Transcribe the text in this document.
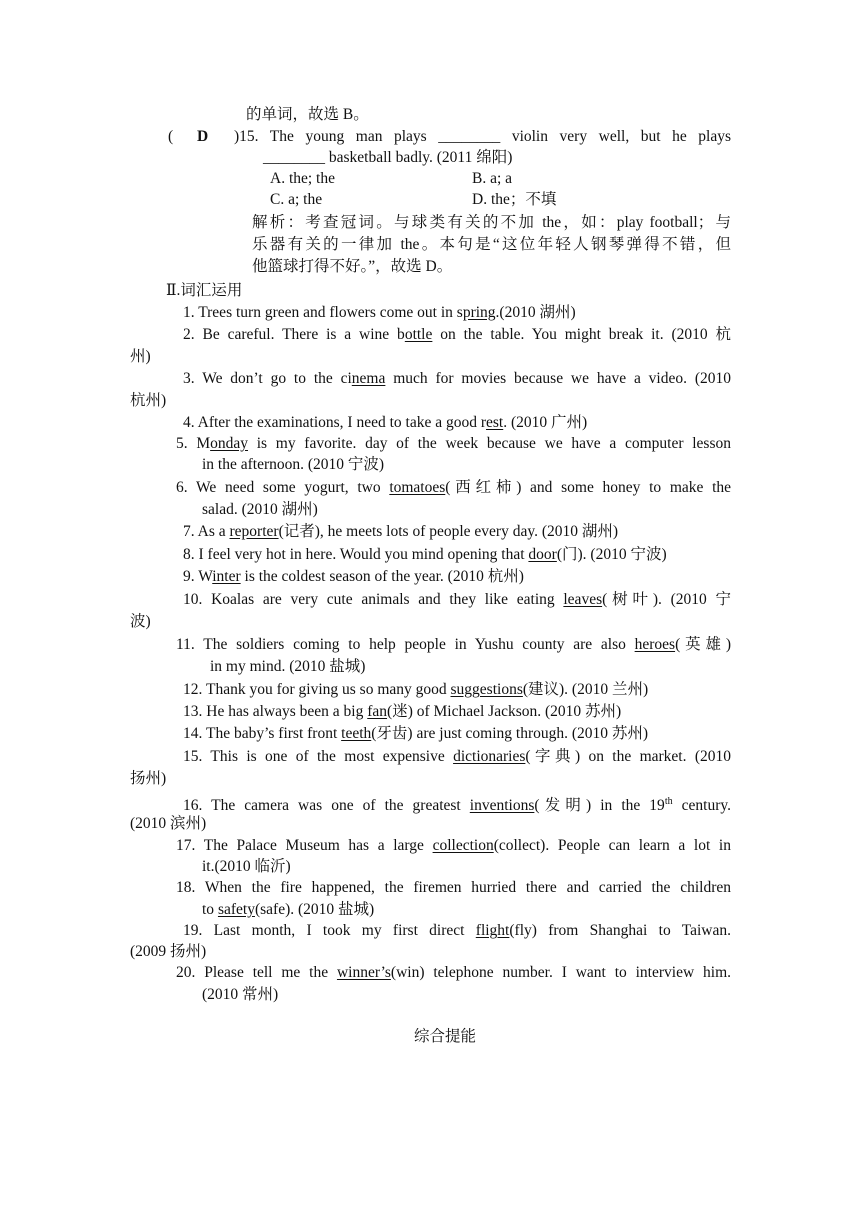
的单词，故选 B。
( D )15. The young man plays ________ violin very well, but he plays
________ basketball badly. (2011 绵阳)
A. the; the	B. a; a
C. a; the	D. the；不填
解析：考查冠词。与球类有关的不加 the，如：play football；与
乐器有关的一律加 the。本句是“这位年轻人钢琴弹得不错，但
他篮球打得不好。”，故选 D。
Ⅱ.词汇运用
1. Trees turn green and flowers come out in spring.(2010 湖州)
2. Be careful. There is a wine bottle on the table. You might break it. (2010 杭
州)
3. We don’t go to the cinema much for movies because we have a video. (2010
杭州)
4. After the examinations, I need to take a good rest. (2010 广州)
5. Monday is my favorite. day of the week because we have a computer lesson
in the afternoon. (2010 宁波)
6. We need some yogurt, two tomatoes(西红柿) and some honey to make the
salad. (2010 湖州)
7. As a reporter(记者), he meets lots of people every day. (2010 湖州)
8. I feel very hot in here. Would you mind opening that door(门). (2010 宁波)
9. Winter is the coldest season of the year. (2010 杭州)
10. Koalas are very cute animals and they like eating leaves(树叶). (2010 宁
波)
11. The soldiers coming to help people in Yushu county are also heroes(英雄)
in my mind. (2010 盐城)
12. Thank you for giving us so many good suggestions(建议). (2010 兰州)
13. He has always been a big fan(迷) of Michael Jackson. (2010 苏州)
14. The baby’s first front teeth(牙齿) are just coming through. (2010 苏州)
15. This is one of the most expensive dictionaries(字典) on the market. (2010
扬州)
16. The camera was one of the greatest inventions(发明) in the 19th century.
(2010 滨州)
17. The Palace Museum has a large collection(collect). People can learn a lot in
it.(2010 临沂)
18. When the fire happened, the firemen hurried there and carried the children
to safety(safe). (2010 盐城)
19. Last month, I took my first direct flight(fly) from Shanghai to Taiwan.
(2009 扬州)
20. Please tell me the winner’s(win) telephone number. I want to interview him.
(2010 常州)
综合提能
